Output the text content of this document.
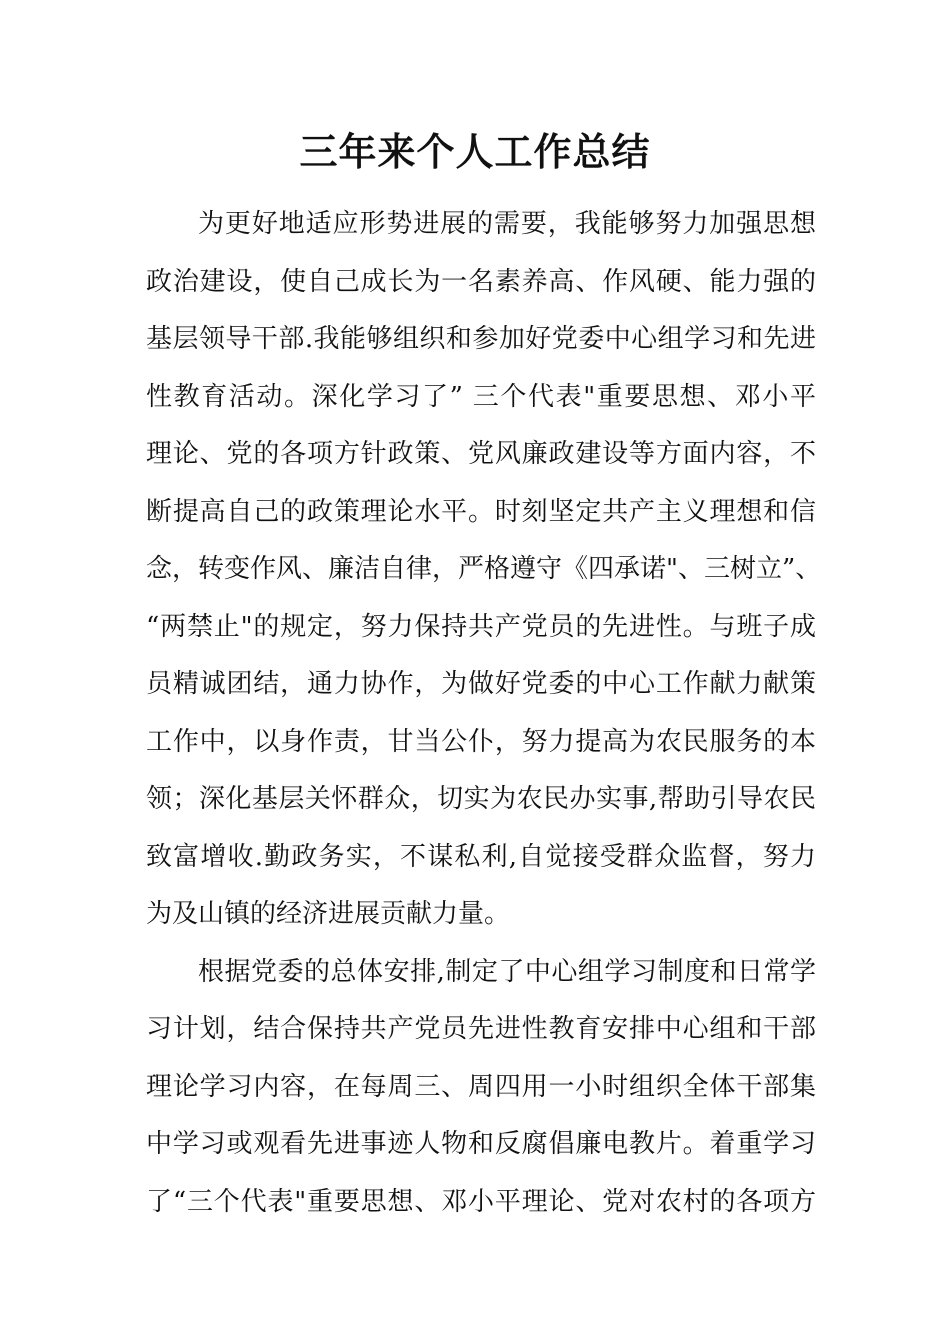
三年来个人工作总结
为更好地适应形势进展的需要，我能够努力加强思想
政治建设，使自己成长为一名素养高、作风硬、能力强的
基层领导干部.我能够组织和参加好党委中心组学习和先进
性教育活动。深化学习了” 三个代表"重要思想、邓小平
理论、党的各项方针政策、党风廉政建设等方面内容，不
断提高自己的政策理论水平。时刻坚定共产主义理想和信
念，转变作风、廉洁自律，严格遵守《四承诺"、三树立”、
“两禁止"的规定，努力保持共产党员的先进性。与班子成
员精诚团结，通力协作，为做好党委的中心工作献力献策
工作中，以身作责，甘当公仆，努力提高为农民服务的本
领；深化基层关怀群众，切实为农民办实事,帮助引导农民
致富增收.勤政务实，不谋私利,自觉接受群众监督，努力
为及山镇的经济进展贡献力量。
根据党委的总体安排,制定了中心组学习制度和日常学
习计划，结合保持共产党员先进性教育安排中心组和干部
理论学习内容，在每周三、周四用一小时组织全体干部集
中学习或观看先进事迹人物和反腐倡廉电教片。着重学习
了“三个代表"重要思想、邓小平理论、党对农村的各项方
